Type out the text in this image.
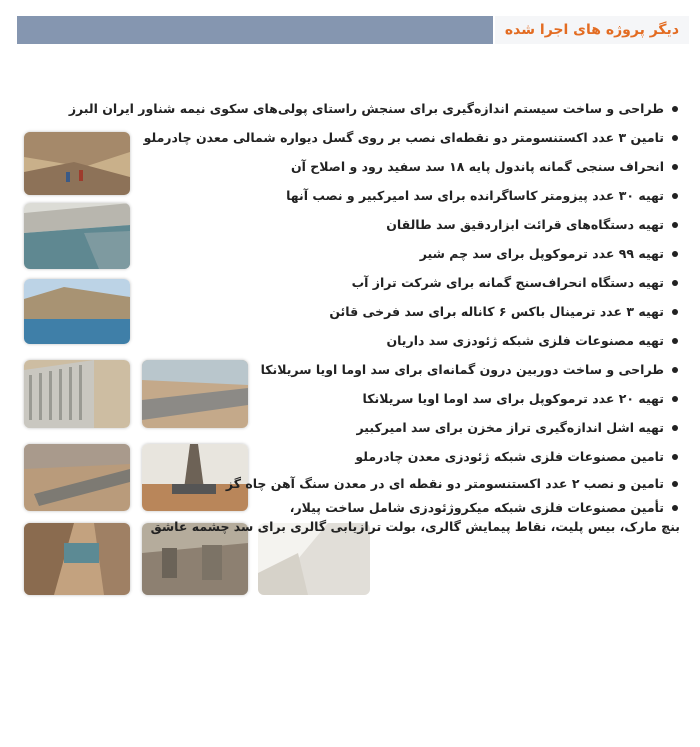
دیگر پروژه های اجرا شده
طراحی و ساخت سیستم اندازه‌گیری برای سنجش راستای پولی‌های سکوی نیمه شناور ایران البرز
تامین ۳ عدد اکستنسومتر دو نقطه‌ای نصب بر روی گسل دیواره شمالی معدن چادرملو
انحراف سنجی گمانه پاندول پایه ۱۸ سد سفید رود و اصلاح آن
تهیه ۳۰ عدد پیزومتر کاساگرانده برای سد امیرکبیر و نصب آنها
تهیه دستگاه‌های قرائت ابزاردقیق سد طالقان
تهیه ۹۹ عدد ترموکوپل برای سد چم شیر
تهیه دستگاه انحراف‌سنج گمانه برای شرکت تراز آب
تهیه ۳ عدد ترمینال باکس ۶ کاناله برای سد فرخی قائن
تهیه مصنوعات فلزی شبکه ژئودزی سد داریان
طراحی و ساخت دوربین درون گمانه‌ای برای سد اوما اویا سریلانکا
تهیه ۲۰ عدد ترموکوپل برای سد اوما اویا سریلانکا
تهیه اشل اندازه‌گیری تراز مخزن برای سد امیرکبیر
تامین مصنوعات فلزی شبکه ژئودزی معدن چادرملو
تامین و نصب ۲ عدد اکستنسومتر دو نقطه ای در معدن سنگ آهن چاه گز
تأمین مصنوعات فلزی شبکه میکروژئودزی شامل ساخت پیلار،
بنچ مارک، بیس پلیت، نقاط پیمایش گالری، بولت ترازیابی گالری برای سد چشمه عاشق
